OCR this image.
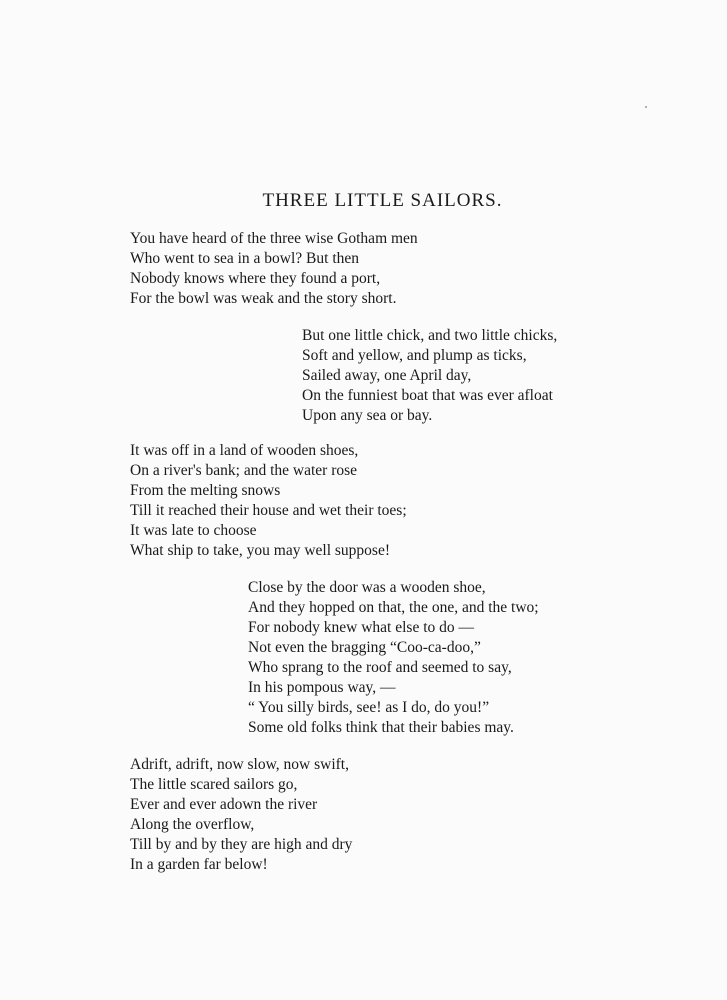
THREE LITTLE SAILORS.
You have heard of the three wise Gotham men
Who went to sea in a bowl? But then
Nobody knows where they found a port,
For the bowl was weak and the story short.
But one little chick, and two little chicks,
Soft and yellow, and plump as ticks,
Sailed away, one April day,
On the funniest boat that was ever afloat
Upon any sea or bay.
It was off in a land of wooden shoes,
On a river's bank; and the water rose
From the melting snows
Till it reached their house and wet their toes;
It was late to choose
What ship to take, you may well suppose!
Close by the door was a wooden shoe,
And they hopped on that, the one, and the two;
For nobody knew what else to do —
Not even the bragging “Coo-ca-doo,”
Who sprang to the roof and seemed to say,
In his pompous way, —
“ You silly birds, see! as I do, do you!”
Some old folks think that their babies may.
Adrift, adrift, now slow, now swift,
The little scared sailors go,
Ever and ever adown the river
Along the overflow,
Till by and by they are high and dry
In a garden far below!
